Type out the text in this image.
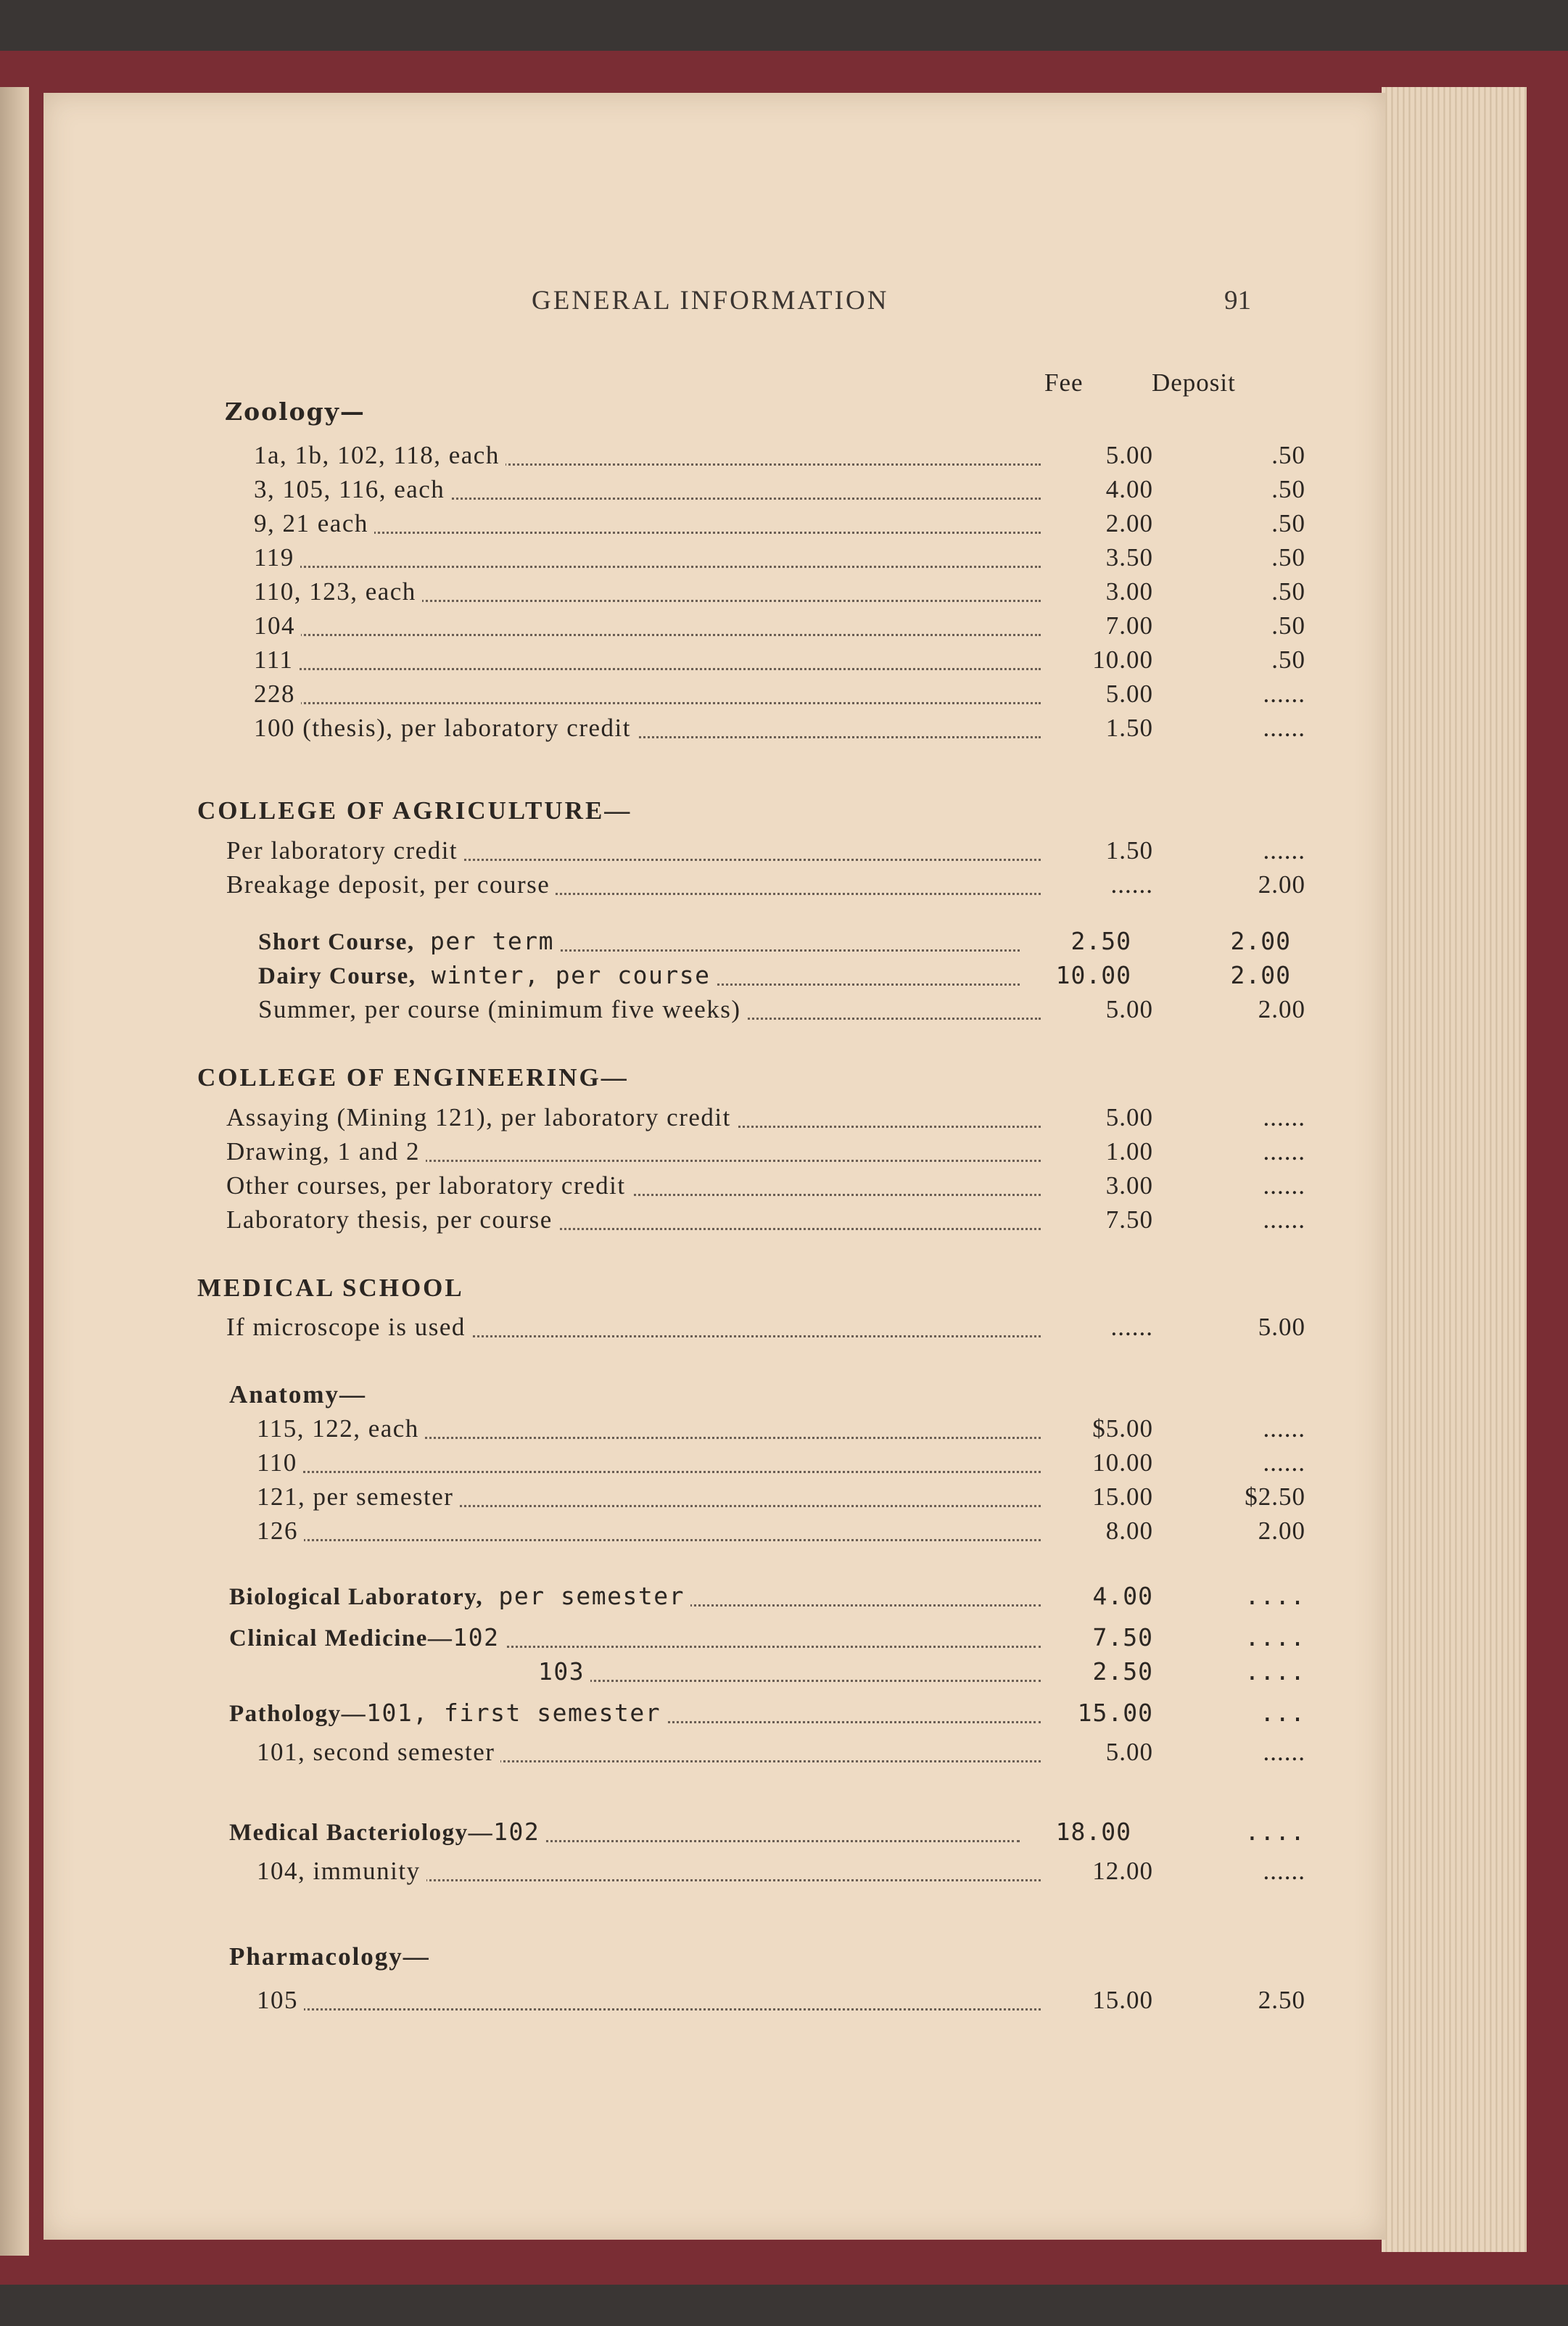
GENERAL INFORMATION	91
Fee	Deposit
Zoology—
1a, 1b, 102, 118, each	5.00	.50
3, 105, 116, each	4.00	.50
9, 21 each	2.00	.50
119	3.50	.50
110, 123, each	3.00	.50
104	7.00	.50
111	10.00	.50
228	5.00	......
100 (thesis), per laboratory credit	1.50	......
COLLEGE OF AGRICULTURE—
Per laboratory credit	1.50	......
Breakage deposit, per course	......	2.00
Short Course, per term	2.50	2.00
Dairy Course, winter, per course	10.00	2.00
Summer, per course (minimum five weeks)	5.00	2.00
COLLEGE OF ENGINEERING—
Assaying (Mining 121), per laboratory credit	5.00	......
Drawing, 1 and 2	1.00	......
Other courses, per laboratory credit	3.00	......
Laboratory thesis, per course	7.50	......
MEDICAL SCHOOL
If microscope is used	......	5.00
Anatomy—
115, 122, each	$5.00	......
110	10.00	......
121, per semester	15.00	$2.50
126	8.00	2.00
Biological Laboratory, per semester	4.00	....
Clinical Medicine—102	7.50	....
103	2.50	....
Pathology—101, first semester	15.00	...
101, second semester	5.00	......
Medical Bacteriology—102	18.00	....
104, immunity	12.00	......
Pharmacology—
105	15.00	2.50
